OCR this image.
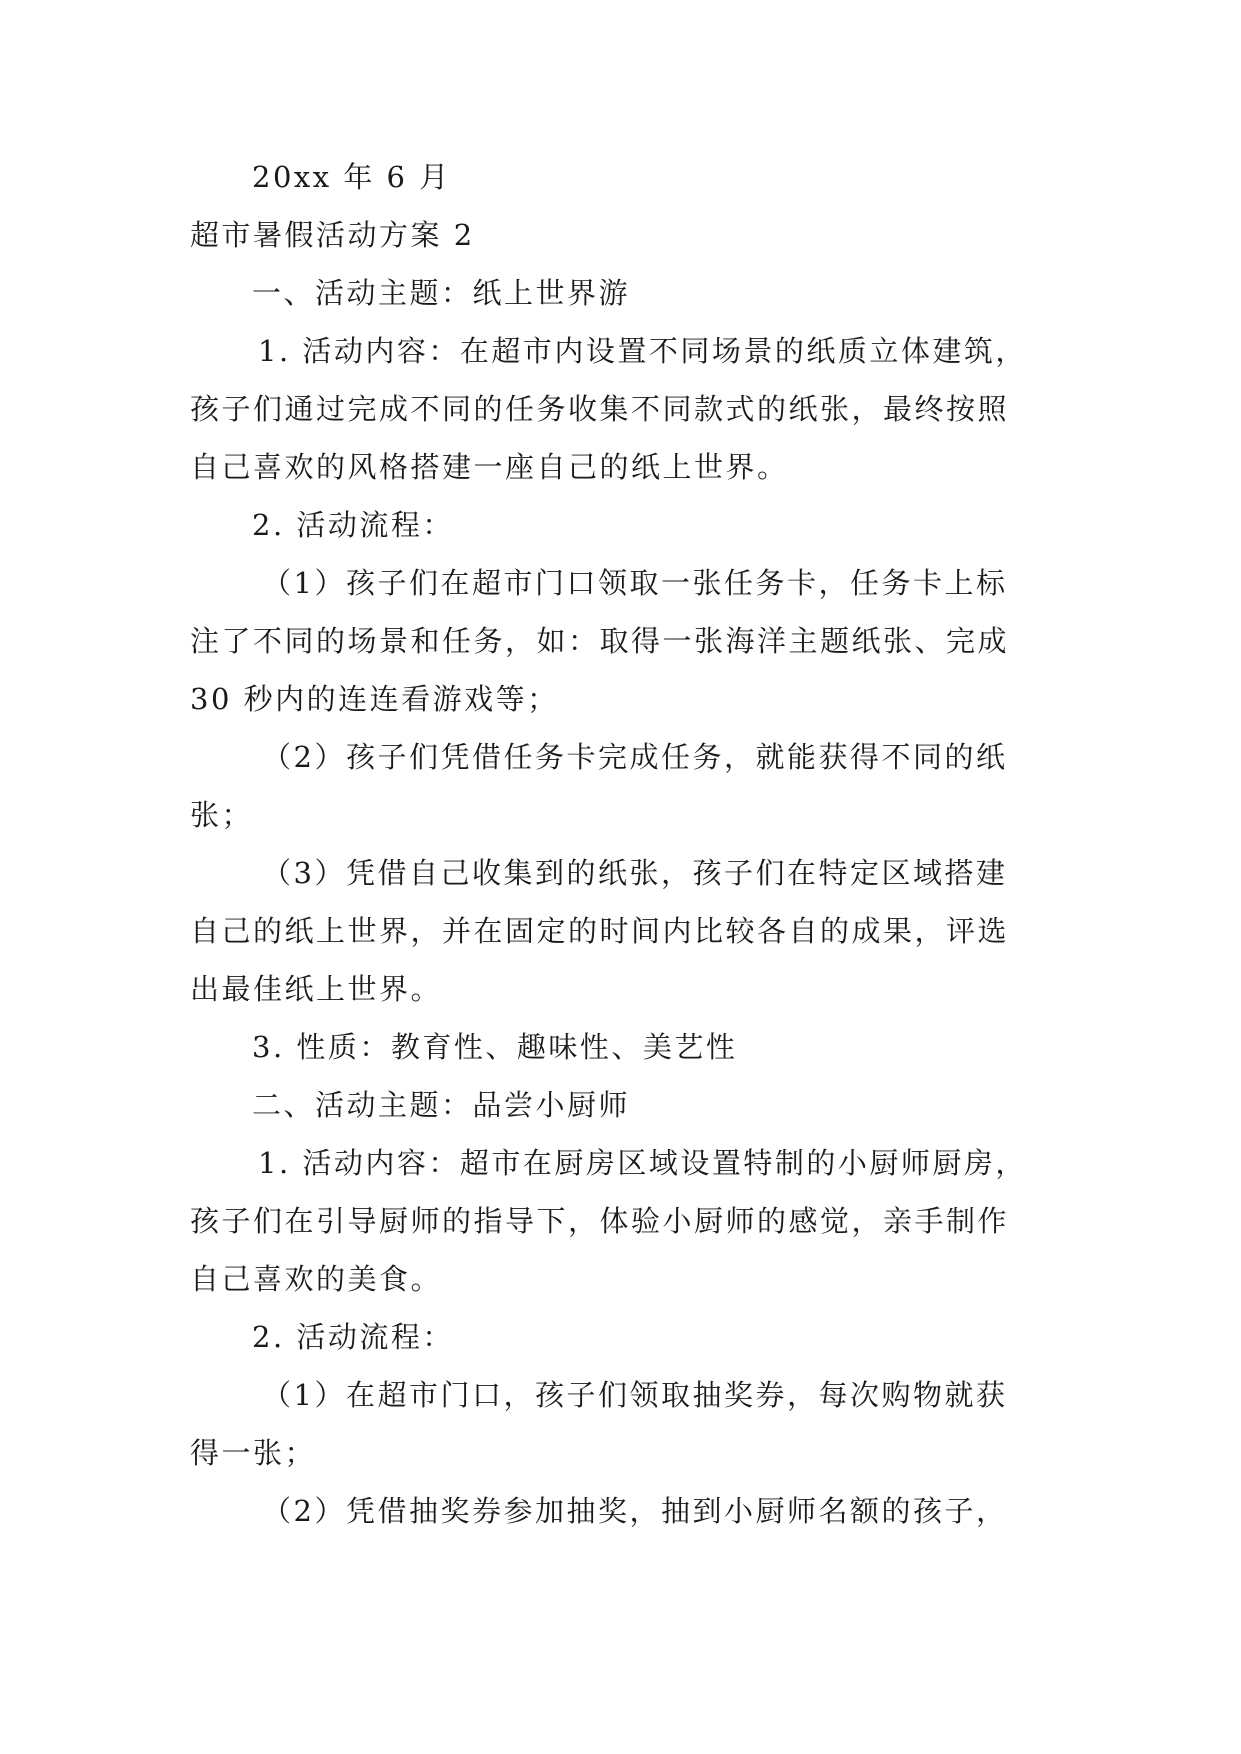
20xx 年 6 月

超市暑假活动方案 2

一、活动主题：纸上世界游

1. 活动内容：在超市内设置不同场景的纸质立体建筑，

孩子们通过完成不同的任务收集不同款式的纸张，最终按照

自己喜欢的风格搭建一座自己的纸上世界。

2. 活动流程：

（1）孩子们在超市门口领取一张任务卡，任务卡上标

注了不同的场景和任务，如：取得一张海洋主题纸张、完成

30 秒内的连连看游戏等；

（2）孩子们凭借任务卡完成任务，就能获得不同的纸

张；

（3）凭借自己收集到的纸张，孩子们在特定区域搭建

自己的纸上世界，并在固定的时间内比较各自的成果，评选

出最佳纸上世界。

3. 性质：教育性、趣味性、美艺性

二、活动主题：品尝小厨师

1. 活动内容：超市在厨房区域设置特制的小厨师厨房，

孩子们在引导厨师的指导下，体验小厨师的感觉，亲手制作

自己喜欢的美食。

2. 活动流程：

（1）在超市门口，孩子们领取抽奖券，每次购物就获

得一张；

（2）凭借抽奖券参加抽奖，抽到小厨师名额的孩子，
